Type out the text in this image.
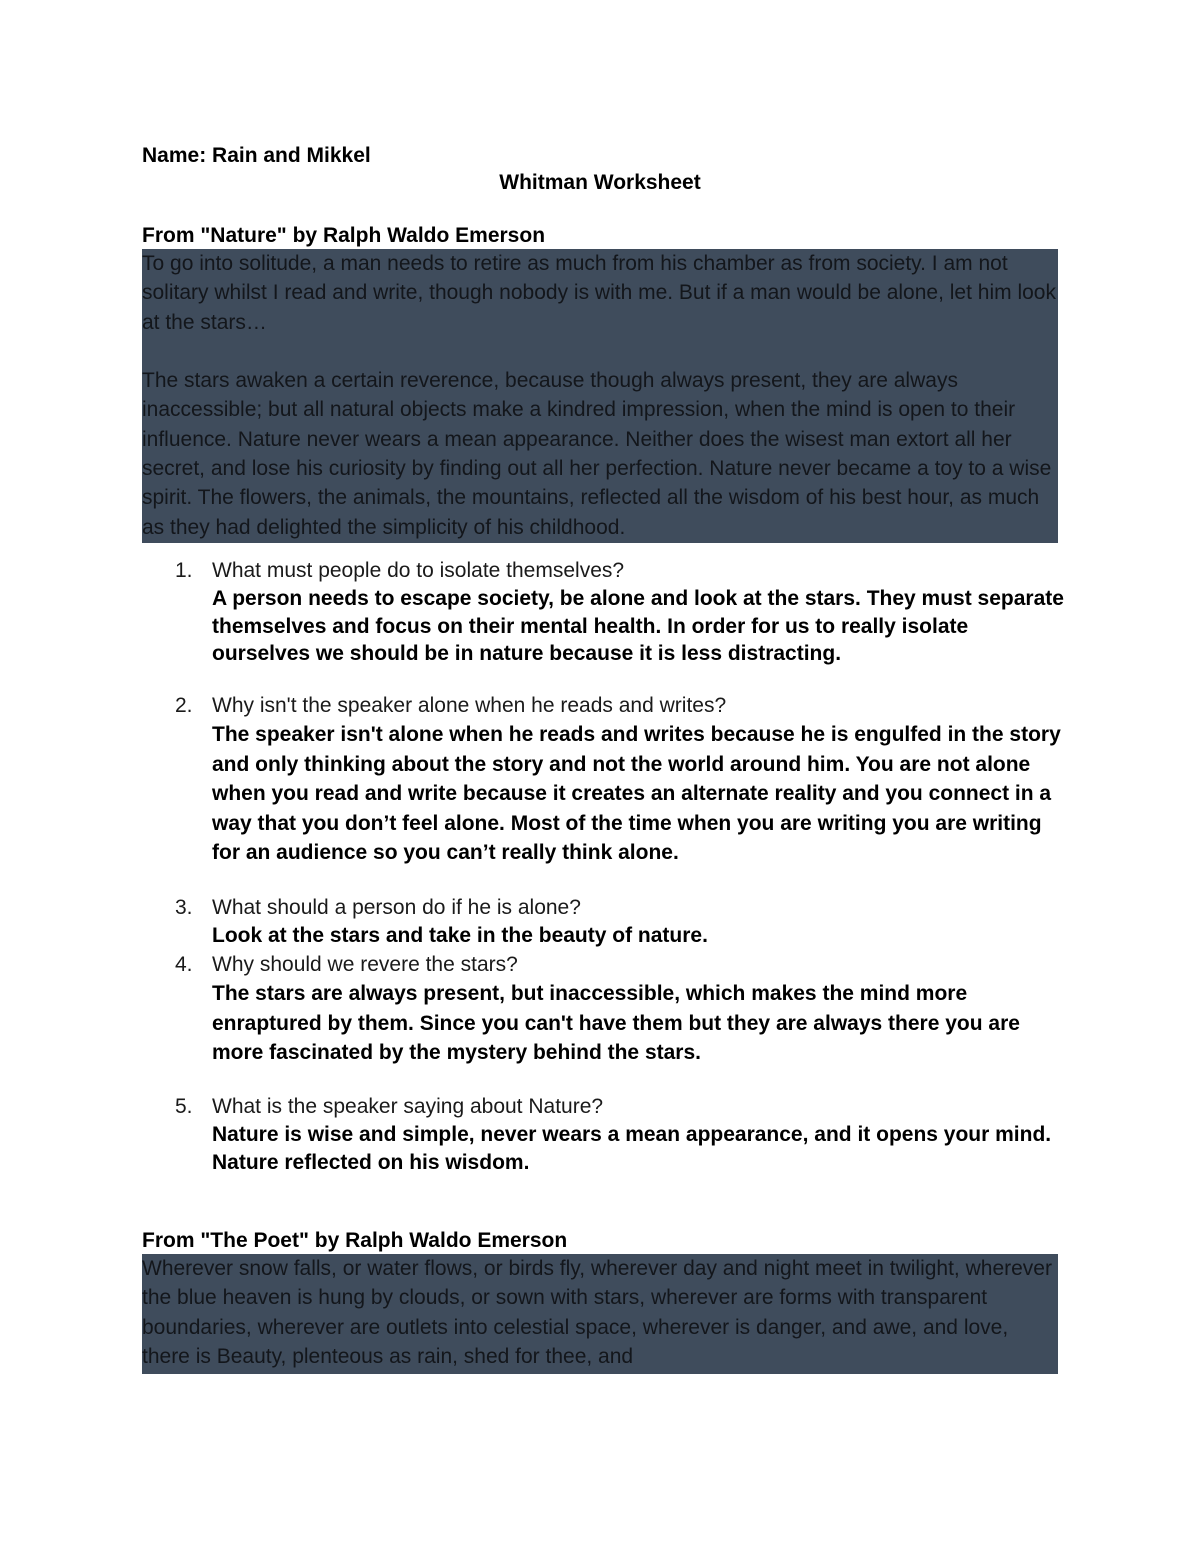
Name: Rain and Mikkel
Whitman Worksheet
From "Nature" by Ralph Waldo Emerson

To go into solitude, a man needs to retire as much from his chamber as from society. I am not solitary whilst I read and write, though nobody is with me. But if a man would be alone, let him look at the stars…

The stars awaken a certain reverence, because though always present, they are always inaccessible; but all natural objects make a kindred impression, when the mind is open to their influence. Nature never wears a mean appearance. Neither does the wisest man extort all her secret, and lose his curiosity by finding out all her perfection. Nature never became a toy to a wise spirit. The flowers, the animals, the mountains, reflected all the wisdom of his best hour, as much as they had delighted the simplicity of his childhood.

1. What must people do to isolate themselves?
A person needs to escape society, be alone and look at the stars. They must separate themselves and focus on their mental health. In order for us to really isolate ourselves we should be in nature because it is less distracting.
2. Why isn't the speaker alone when he reads and writes?
The speaker isn't alone when he reads and writes because he is engulfed in the story and only thinking about the story and not the world around him. You are not alone when you read and write because it creates an alternate reality and you connect in a way that you don’t feel alone. Most of the time when you are writing you are writing for an audience so you can’t really think alone.
3. What should a person do if he is alone?
Look at the stars and take in the beauty of nature.
4. Why should we revere the stars?
The stars are always present, but inaccessible, which makes the mind more enraptured by them. Since you can't have them but they are always there you are more fascinated by the mystery behind the stars.
5. What is the speaker saying about Nature?
Nature is wise and simple, never wears a mean appearance, and it opens your mind. Nature reflected on his wisdom.
From "The Poet" by Ralph Waldo Emerson

Wherever snow falls, or water flows, or birds fly, wherever day and night meet in twilight, wherever the blue heaven is hung by clouds, or sown with stars, wherever are forms with transparent boundaries, wherever are outlets into celestial space, wherever is danger, and awe, and love, there is Beauty, plenteous as rain, shed for thee, and
